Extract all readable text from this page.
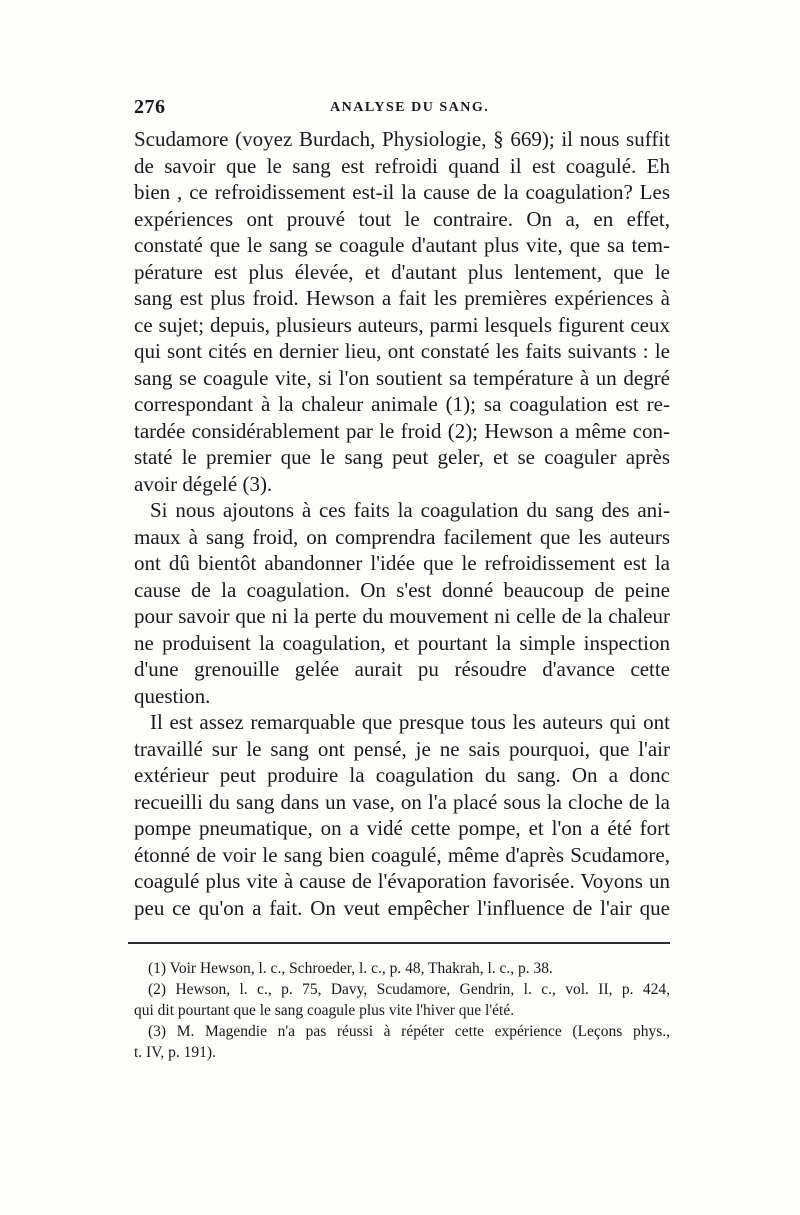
276	ANALYSE DU SANG.
Scudamore (voyez Burdach, Physiologie, § 669); il nous suffit
de savoir que le sang est refroidi quand il est coagulé. Eh
bien , ce refroidissement est-il la cause de la coagulation? Les
expériences ont prouvé tout le contraire. On a, en effet,
constaté que le sang se coagule d'autant plus vite, que sa tem-
pérature est plus élevée, et d'autant plus lentement, que le
sang est plus froid. Hewson a fait les premières expériences à
ce sujet; depuis, plusieurs auteurs, parmi lesquels figurent ceux
qui sont cités en dernier lieu, ont constaté les faits suivants : le
sang se coagule vite, si l'on soutient sa température à un degré
correspondant à la chaleur animale (1); sa coagulation est re-
tardée considérablement par le froid (2); Hewson a même con-
staté le premier que le sang peut geler, et se coaguler après
avoir dégelé (3).
Si nous ajoutons à ces faits la coagulation du sang des ani-
maux à sang froid, on comprendra facilement que les auteurs
ont dû bientôt abandonner l'idée que le refroidissement est la
cause de la coagulation. On s'est donné beaucoup de peine
pour savoir que ni la perte du mouvement ni celle de la chaleur
ne produisent la coagulation, et pourtant la simple inspection
d'une grenouille gelée aurait pu résoudre d'avance cette
question.
Il est assez remarquable que presque tous les auteurs qui ont
travaillé sur le sang ont pensé, je ne sais pourquoi, que l'air
extérieur peut produire la coagulation du sang. On a donc
recueilli du sang dans un vase, on l'a placé sous la cloche de la
pompe pneumatique, on a vidé cette pompe, et l'on a été fort
étonné de voir le sang bien coagulé, même d'après Scudamore,
coagulé plus vite à cause de l'évaporation favorisée. Voyons un
peu ce qu'on a fait. On veut empêcher l'influence de l'air que
(1) Voir Hewson, l. c., Schroeder, l. c., p. 48, Thakrah, l. c., p. 38.
(2) Hewson, l. c., p. 75, Davy, Scudamore, Gendrin, l. c., vol. II, p. 424,
qui dit pourtant que le sang coagule plus vite l'hiver que l'été.
(3) M. Magendie n'a pas réussi à répéter cette expérience (Leçons phys.,
t. IV, p. 191).
